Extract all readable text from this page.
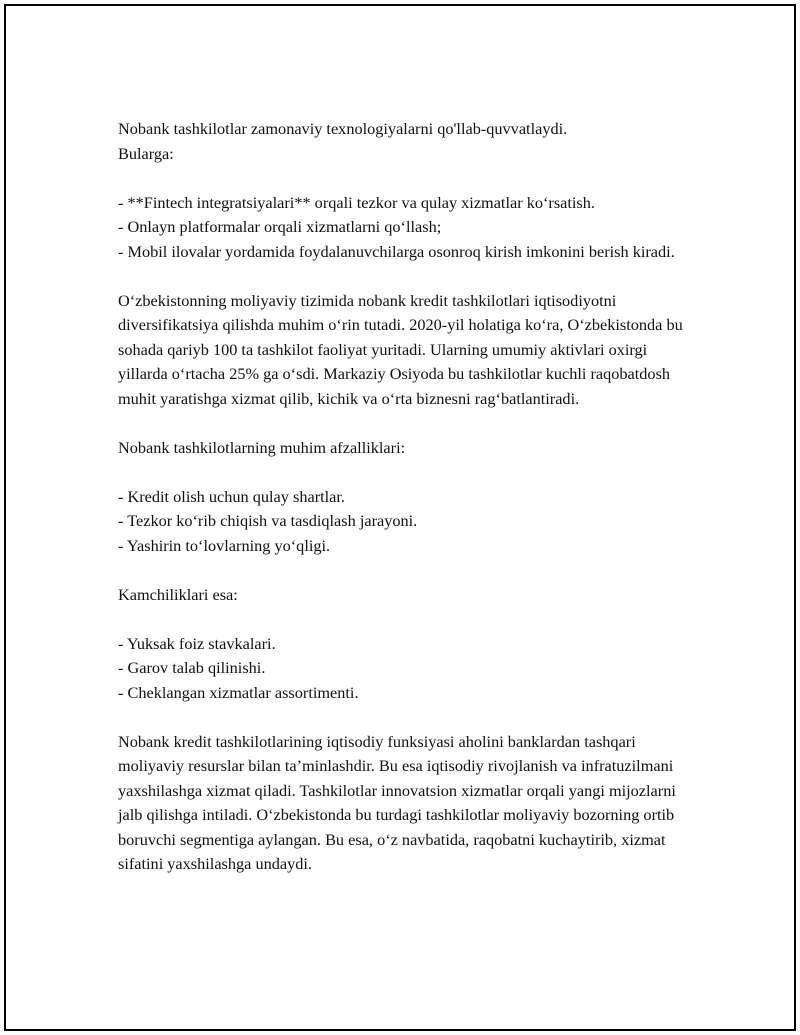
Nobank tashkilotlar zamonaviy texnologiyalarni qo'llab-quvvatlaydi.
Bularga:

- **Fintech integratsiyalari** orqali tezkor va qulay xizmatlar ko‘rsatish.
- Onlayn platformalar orqali xizmatlarni qo‘llash;
- Mobil ilovalar yordamida foydalanuvchilarga osonroq kirish imkonini berish kiradi.

O‘zbekistonning moliyaviy tizimida nobank kredit tashkilotlari iqtisodiyotni diversifikatsiya qilishda muhim o‘rin tutadi. 2020-yil holatiga ko‘ra, O‘zbekistonda bu sohada qariyb 100 ta tashkilot faoliyat yuritadi. Ularning umumiy aktivlari oxirgi yillarda o‘rtacha 25% ga o‘sdi. Markaziy Osiyoda bu tashkilotlar kuchli raqobatdosh muhit yaratishga xizmat qilib, kichik va o‘rta biznesni rag‘batlantiradi.

Nobank tashkilotlarning muhim afzalliklari:

- Kredit olish uchun qulay shartlar.
- Tezkor ko‘rib chiqish va tasdiqlash jarayoni.
- Yashirin to‘lovlarning yo‘qligi.

Kamchiliklari esa:

- Yuksak foiz stavkalari.
- Garov talab qilinishi.
- Cheklangan xizmatlar assortimenti.

Nobank kredit tashkilotlarining iqtisodiy funksiyasi aholini banklardan tashqari moliyaviy resurslar bilan ta’minlashdir. Bu esa iqtisodiy rivojlanish va infratuzilmani yaxshilashga xizmat qiladi. Tashkilotlar innovatsion xizmatlar orqali yangi mijozlarni jalb qilishga intiladi. O‘zbekistonda bu turdagi tashkilotlar moliyaviy bozorning ortib boruvchi segmentiga aylangan. Bu esa, o‘z navbatida, raqobatni kuchaytirib, xizmat sifatini yaxshilashga undaydi.
